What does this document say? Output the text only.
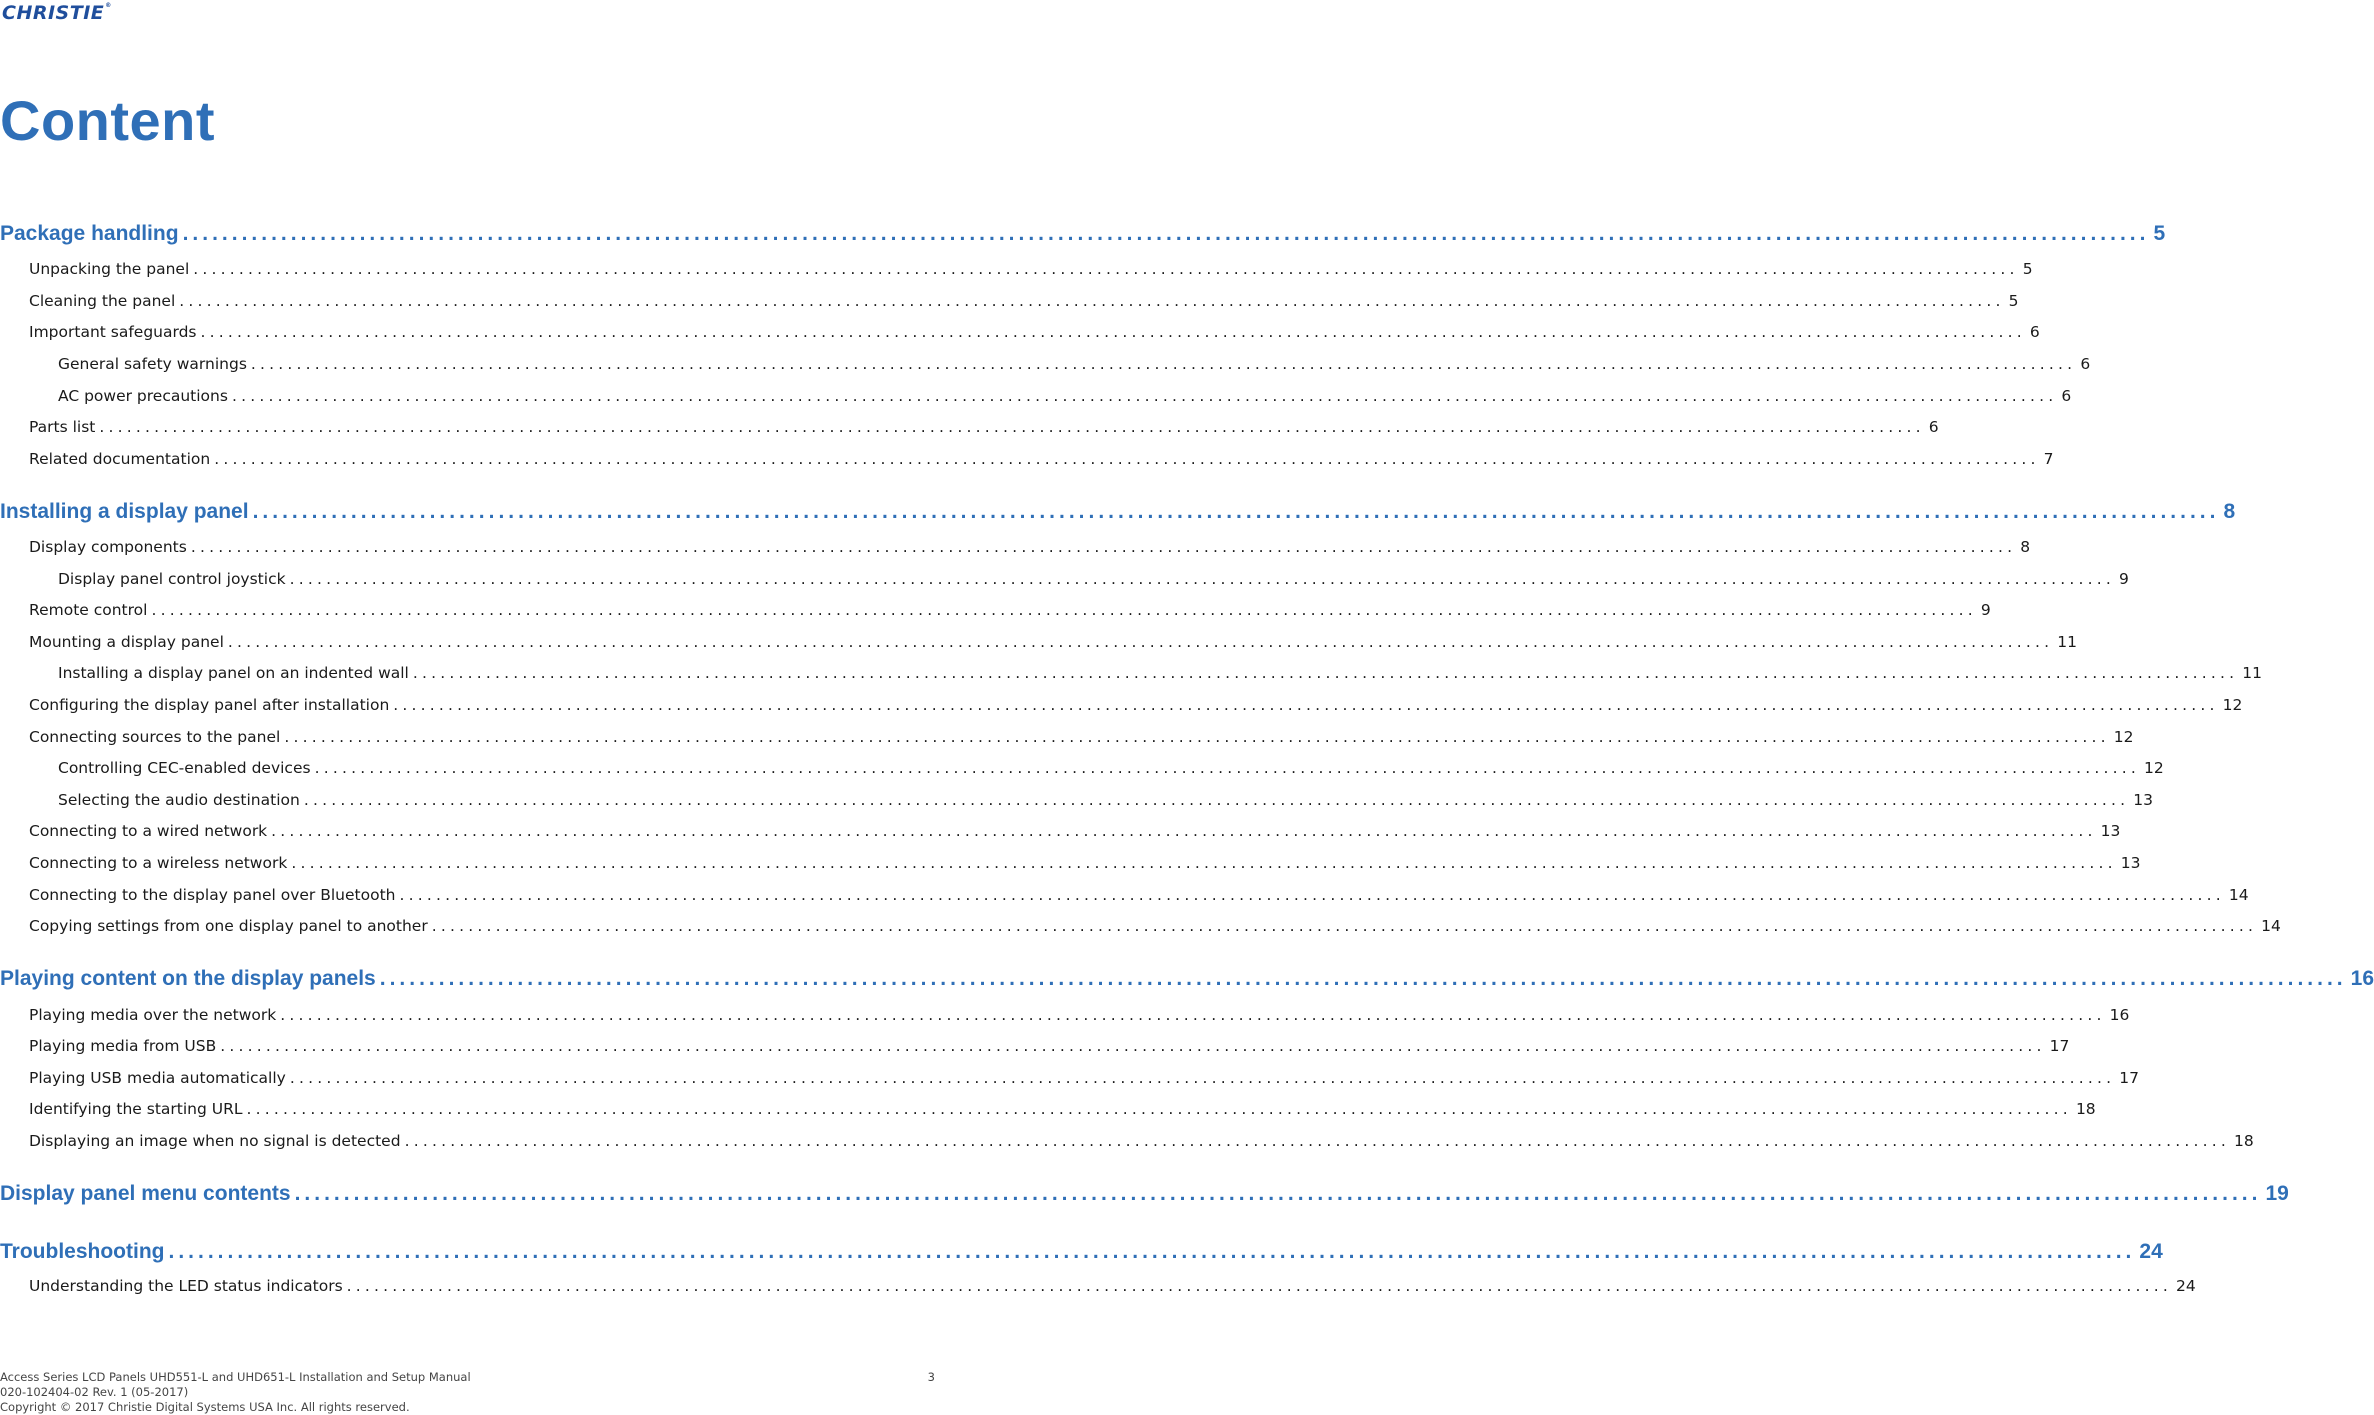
CHRISTIE®
Content
Package handling ........................................................................................................................................................................................................ 5
Unpacking the panel ........................................................................................................................................................................................................ 5
Cleaning the panel ........................................................................................................................................................................................................ 5
Important safeguards ........................................................................................................................................................................................................ 6
General safety warnings ........................................................................................................................................................................................................ 6
AC power precautions ........................................................................................................................................................................................................ 6
Parts list ........................................................................................................................................................................................................ 6
Related documentation ........................................................................................................................................................................................................ 7
Installing a display panel ........................................................................................................................................................................................................ 8
Display components ........................................................................................................................................................................................................ 8
Display panel control joystick ........................................................................................................................................................................................................ 9
Remote control ........................................................................................................................................................................................................ 9
Mounting a display panel ........................................................................................................................................................................................................ 11
Installing a display panel on an indented wall ........................................................................................................................................................................................................ 11
Configuring the display panel after installation ........................................................................................................................................................................................................ 12
Connecting sources to the panel ........................................................................................................................................................................................................ 12
Controlling CEC-enabled devices ........................................................................................................................................................................................................ 12
Selecting the audio destination ........................................................................................................................................................................................................ 13
Connecting to a wired network ........................................................................................................................................................................................................ 13
Connecting to a wireless network ........................................................................................................................................................................................................ 13
Connecting to the display panel over Bluetooth ........................................................................................................................................................................................................ 14
Copying settings from one display panel to another ........................................................................................................................................................................................................ 14
Playing content on the display panels ........................................................................................................................................................................................................ 16
Playing media over the network ........................................................................................................................................................................................................ 16
Playing media from USB ........................................................................................................................................................................................................ 17
Playing USB media automatically ........................................................................................................................................................................................................ 17
Identifying the starting URL ........................................................................................................................................................................................................ 18
Displaying an image when no signal is detected ........................................................................................................................................................................................................ 18
Display panel menu contents ........................................................................................................................................................................................................ 19
Troubleshooting ........................................................................................................................................................................................................ 24
Understanding the LED status indicators ........................................................................................................................................................................................................ 24
Access Series LCD Panels UHD551-L and UHD651-L Installation and Setup Manual	3
020-102404-02 Rev. 1 (05-2017)
Copyright © 2017 Christie Digital Systems USA Inc. All rights reserved.
